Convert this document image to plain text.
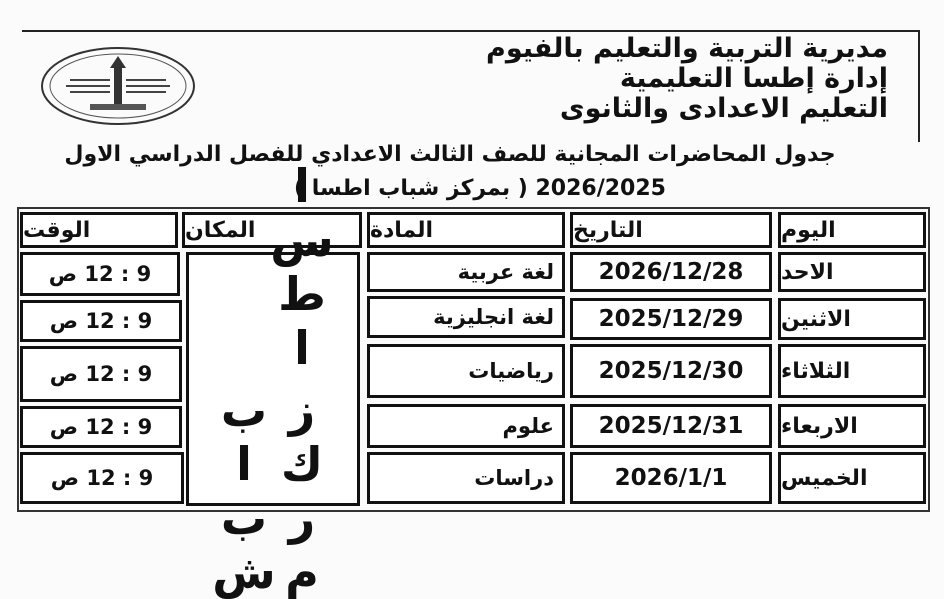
مديرية التربية والتعليم بالفيوم
إدارة إطسا التعليمية
التعليم الاعدادى والثانوى
جدول المحاضرات المجانية للصف الثالث الاعدادي للفصل الدراسي الاول
2026/2025 ( بمركز شباب اطسا )
اليوم
التاريخ
المادة
المكان
الوقت
مركز شباب
اطسا	الاحد
2026/12/28
لغة عربية
9 : 12 ص
الاثنين
2025/12/29
لغة انجليزية
9 : 12 ص
الثلاثاء
2025/12/30
رياضيات
9 : 12 ص
الاربعاء
2025/12/31
علوم
9 : 12 ص
الخميس
2026/1/1
دراسات
9 : 12 ص
